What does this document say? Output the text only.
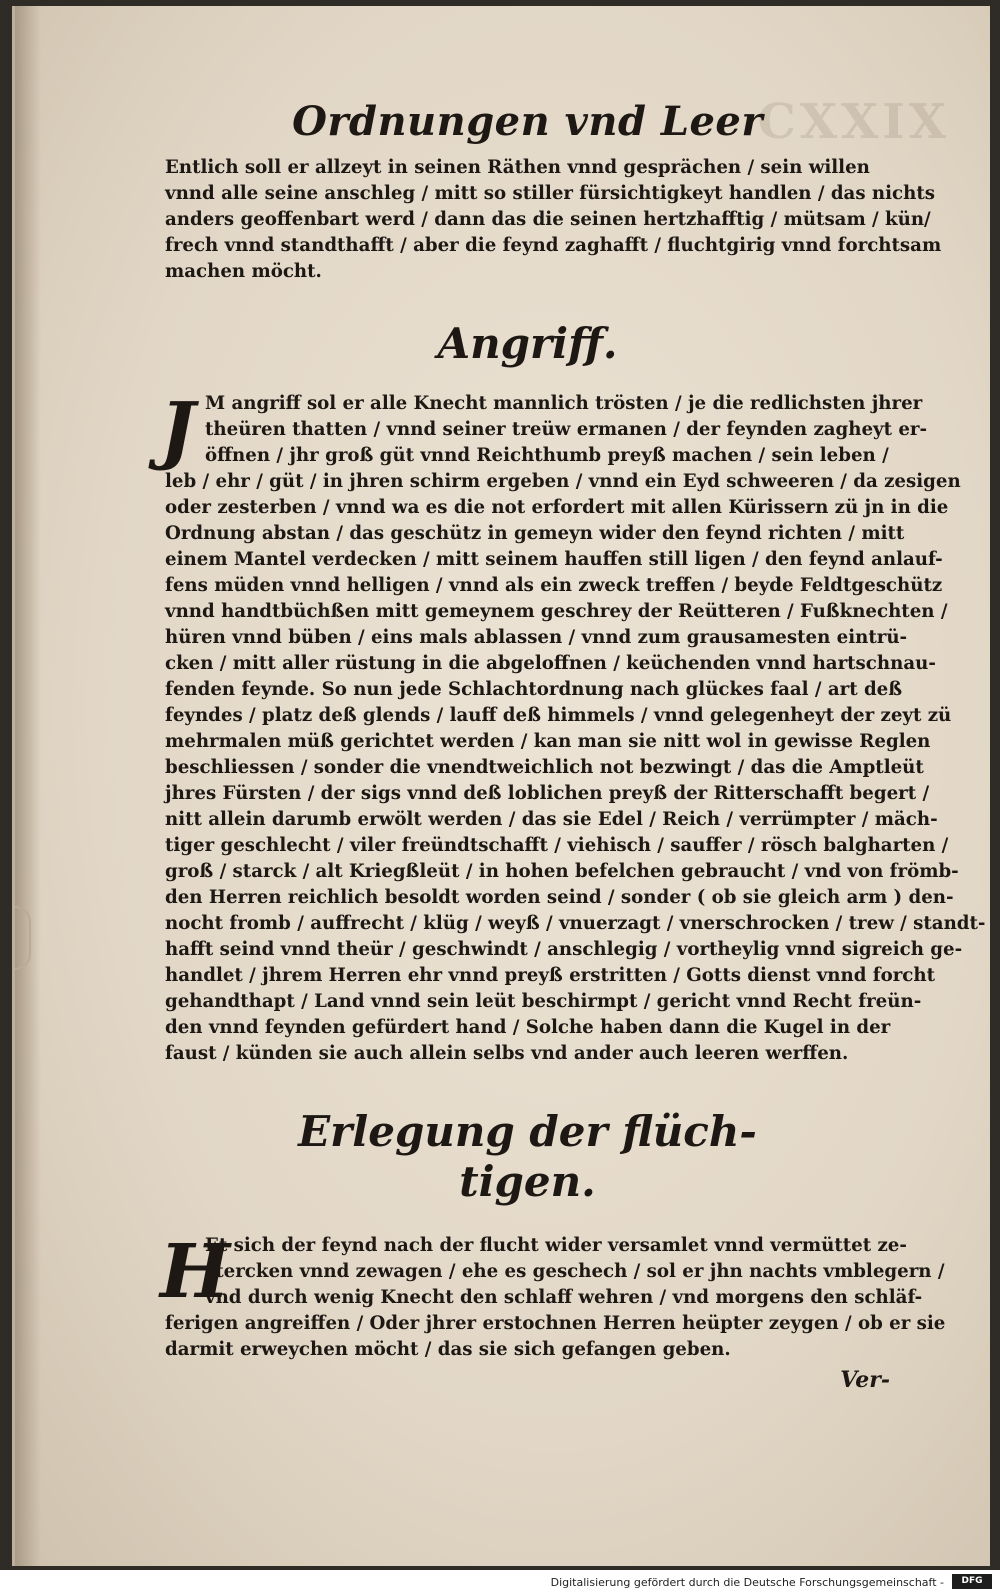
CXXIX
Ordnungen vnd Leer
Entlich soll er allzeyt in seinen Räthen vnnd gesprächen / sein willen
vnnd alle seine anschleg / mitt so stiller fürsichtigkeyt handlen / das nichts
anders geoffenbart werd / dann das die seinen hertzhafftig / mütsam / kün/
frech vnnd standthafft / aber die feynd zaghafft / fluchtgirig vnnd forchtsam
machen möcht.
Angriff.
J M angriff sol er alle Knecht mannlich trösten / je die redlichsten jhrer
theüren thatten / vnnd seiner treüw ermanen / der feynden zagheyt er-
öffnen / jhr groß güt vnnd Reichthumb preyß machen / sein leben /
leb / ehr / güt / in jhren schirm ergeben / vnnd ein Eyd schweeren / da zesigen
oder zesterben / vnnd wa es die not erfordert mit allen Kürissern zü jn in die
Ordnung abstan / das geschütz in gemeyn wider den feynd richten / mitt
einem Mantel verdecken / mitt seinem hauffen still ligen / den feynd anlauf-
fens müden vnnd helligen / vnnd als ein zweck treffen / beyde Feldtgeschütz
vnnd handtbüchßen mitt gemeynem geschrey der Reütteren / Fußknechten /
hüren vnnd büben / eins mals ablassen / vnnd zum grausamesten eintrü-
cken / mitt aller rüstung in die abgeloffnen / keüchenden vnnd hartschnau-
fenden feynde. So nun jede Schlachtordnung nach glückes faal / art deß
feyndes / platz deß glends / lauff deß himmels / vnnd gelegenheyt der zeyt zü
mehrmalen müß gerichtet werden / kan man sie nitt wol in gewisse Reglen
beschliessen / sonder die vnendtweichlich not bezwingt / das die Amptleüt
jhres Fürsten / der sigs vnnd deß loblichen preyß der Ritterschafft begert /
nitt allein darumb erwölt werden / das sie Edel / Reich / verrümpter / mäch-
tiger geschlecht / viler freündtschafft / viehisch / sauffer / rösch balgharten /
groß / starck / alt Kriegßleüt / in hohen befelchen gebraucht / vnd von frömb-
den Herren reichlich besoldt worden seind / sonder ( ob sie gleich arm ) den-
nocht fromb / auffrecht / klüg / weyß / vnuerzagt / vnerschrocken / trew / standt-
hafft seind vnnd theür / geschwindt / anschlegig / vortheylig vnnd sigreich ge-
handlet / jhrem Herren ehr vnnd preyß erstritten / Gotts dienst vnnd forcht
gehandthapt / Land vnnd sein leüt beschirmpt / gericht vnnd Recht freün-
den vnnd feynden gefürdert hand / Solche haben dann die Kugel in der
faust / künden sie auch allein selbs vnd ander auch leeren werffen.
Erlegung der flüch-
tigen.
H
Et sich der feynd nach der flucht wider versamlet vnnd vermüttet ze-
stercken vnnd zewagen / ehe es geschech / sol er jhn nachts vmblegern /
vnd durch wenig Knecht den schlaff wehren / vnd morgens den schläf-
ferigen angreiffen / Oder jhrer erstochnen Herren heüpter zeygen / ob er sie
darmit erweychen möcht / das sie sich gefangen geben.
Ver-
Digitalisierung gefördert durch die Deutsche Forschungsgemeinschaft -	DFG
